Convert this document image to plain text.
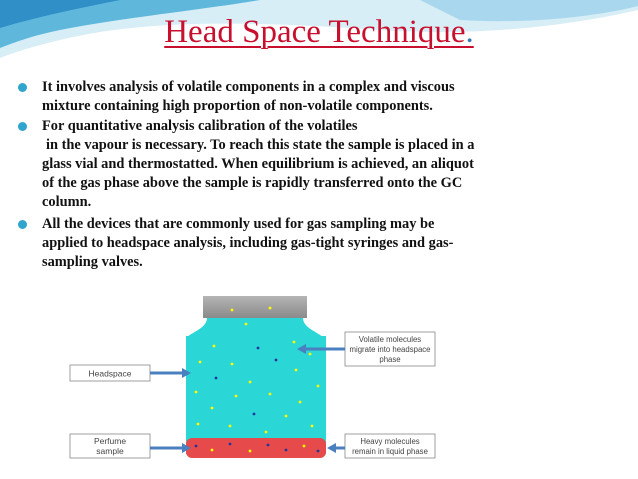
Head Space Technique.
It involves analysis of volatile components in a complex and viscous
mixture containing high proportion of non-volatile components.
For quantitative analysis calibration of the volatiles
in the vapour is necessary. To reach this state the sample is placed in a
glass vial and thermostatted. When equilibrium is achieved, an aliquot
of the gas phase above the sample is rapidly transferred onto the GC
column.
All the devices that are commonly used for gas sampling may be
applied to headspace analysis, including gas-tight syringes and gas-
sampling valves.
Headspace
Perfume
sample
Volatile molecules
migrate into headspace
phase
Heavy molecules
remain in liquid phase
